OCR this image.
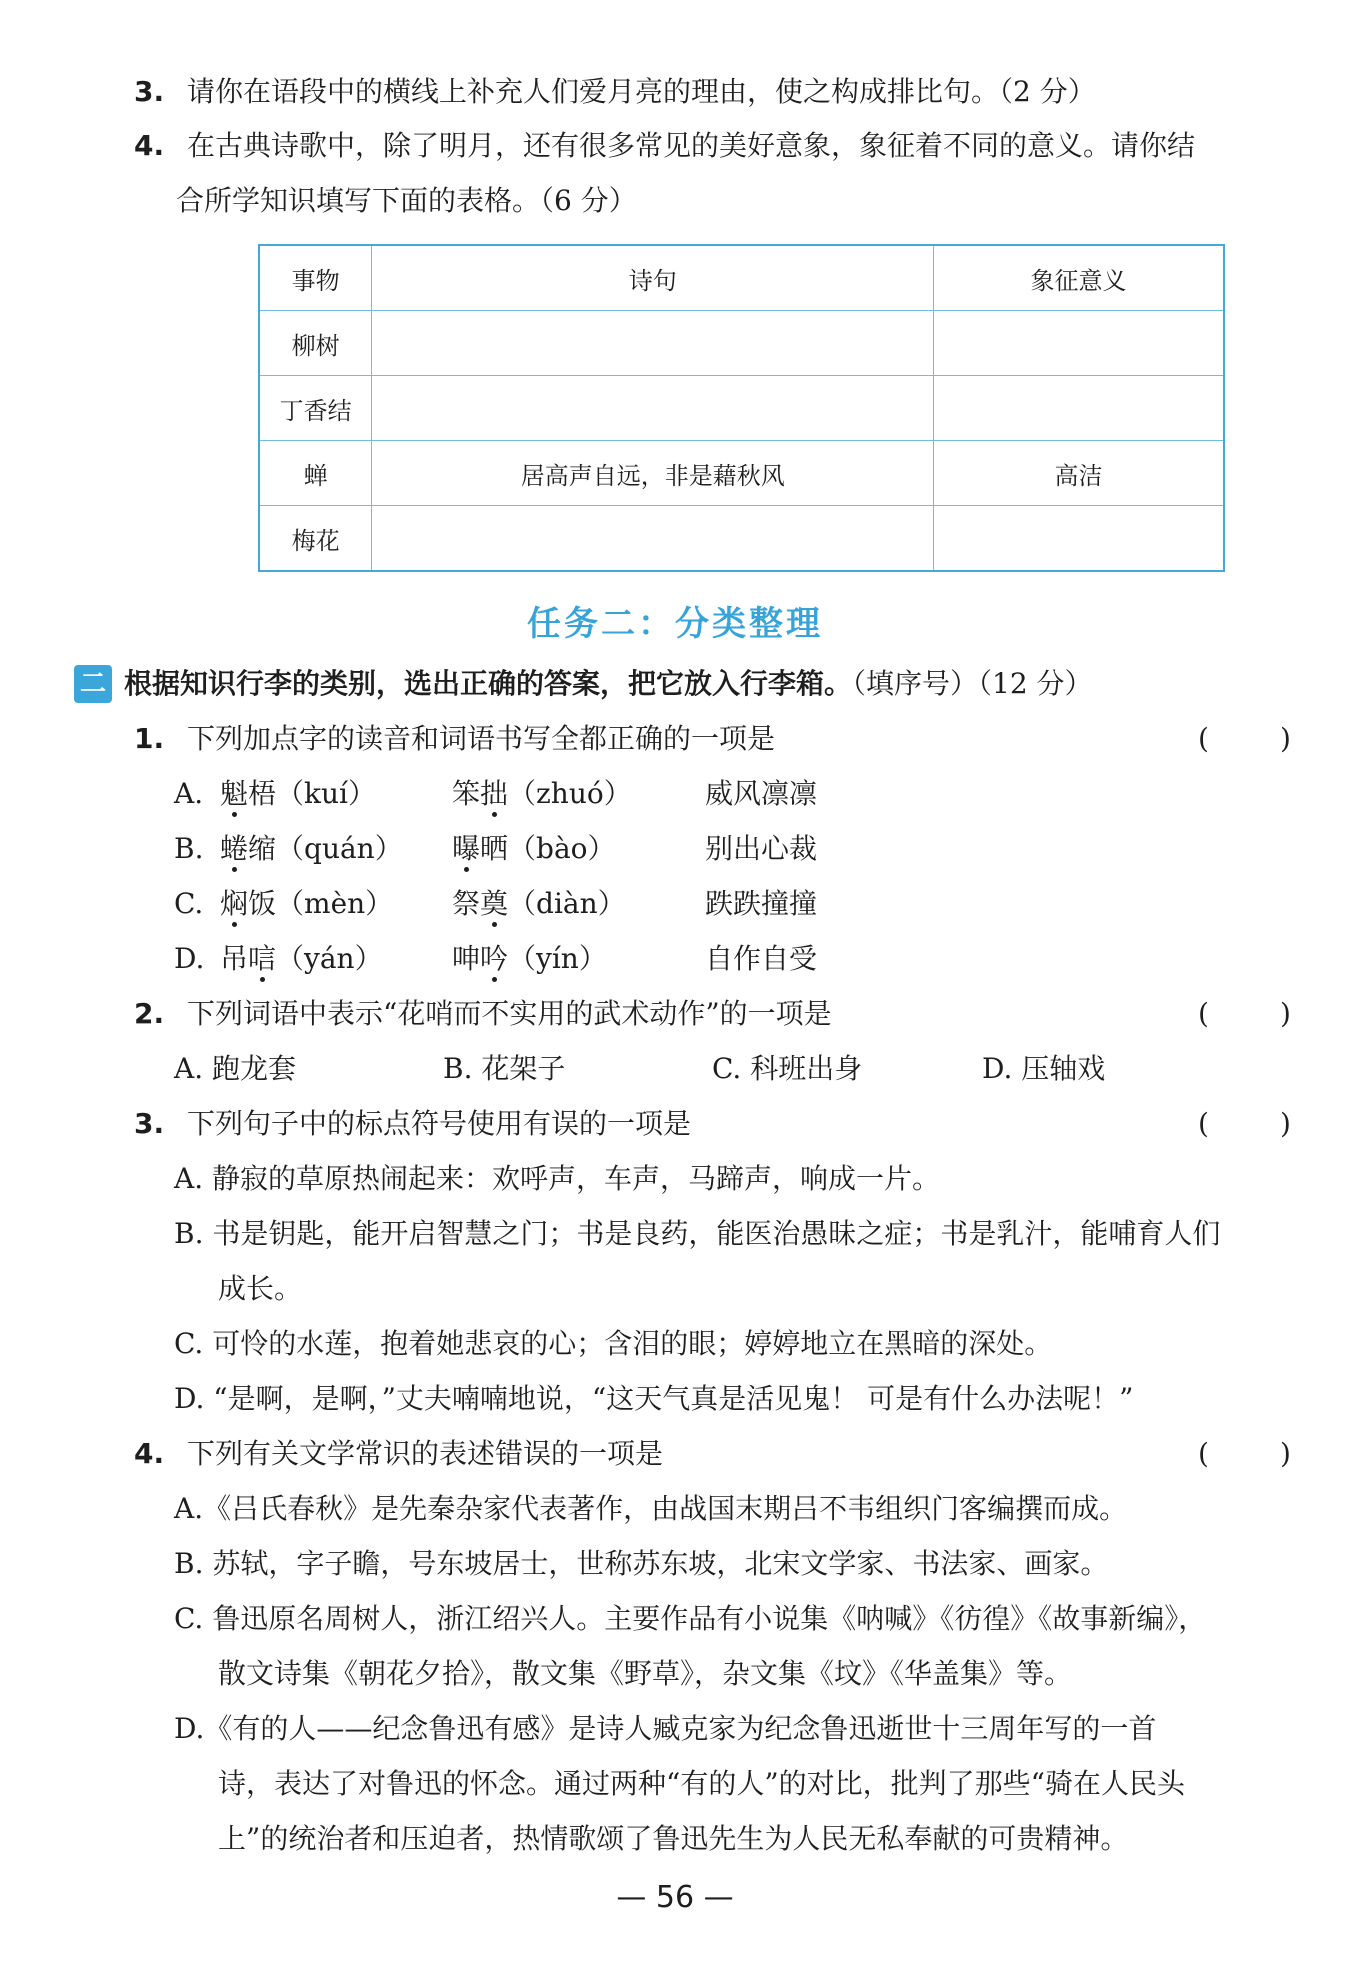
3. 请你在语段中的横线上补充人们爱月亮的理由，使之构成排比句。（2 分）
4. 在古典诗歌中，除了明月，还有很多常见的美好意象，象征着不同的意义。请你结
合所学知识填写下面的表格。（6 分）
事物	诗句	象征意义
柳树		
丁香结		
蝉	居高声自远，非是藉秋风	高洁
梅花		
任务二：分类整理
二 根据知识行李的类别，选出正确的答案，把它放入行李箱。（填序号）（12 分）
1. 下列加点字的读音和词语书写全都正确的一项是	(	)
A. 魁梧（kuí）	笨拙（zhuó）	威风凛凛
B. 蜷缩（quán） 曝晒（bào）	别出心裁
C. 焖饭（mèn） 祭奠（diàn）	跌跌撞撞
D. 吊唁（yán） 呻吟（yín）	自作自受
2. 下列词语中表示“花哨而不实用的武术动作”的一项是	(	)
A. 跑龙套	B. 花架子	C. 科班出身	D. 压轴戏
3. 下列句子中的标点符号使用有误的一项是	(	)
A. 静寂的草原热闹起来：欢呼声，车声，马蹄声，响成一片。
B. 书是钥匙，能开启智慧之门；书是良药，能医治愚昧之症；书是乳汁，能哺育人们
成长。
C. 可怜的水莲，抱着她悲哀的心；含泪的眼；婷婷地立在黑暗的深处。
D. “是啊，是啊，”丈夫喃喃地说，“这天气真是活见鬼！ 可是有什么办法呢！”
4. 下列有关文学常识的表述错误的一项是	(	)
A.《吕氏春秋》是先秦杂家代表著作，由战国末期吕不韦组织门客编撰而成。
B. 苏轼，字子瞻，号东坡居士，世称苏东坡，北宋文学家、书法家、画家。
C. 鲁迅原名周树人，浙江绍兴人。主要作品有小说集《呐喊》《彷徨》《故事新编》，
散文诗集《朝花夕拾》，散文集《野草》，杂文集《坟》《华盖集》等。
D.《有的人——纪念鲁迅有感》是诗人臧克家为纪念鲁迅逝世十三周年写的一首
诗，表达了对鲁迅的怀念。通过两种“有的人”的对比，批判了那些“骑在人民头
上”的统治者和压迫者，热情歌颂了鲁迅先生为人民无私奉献的可贵精神。
— 56 —
